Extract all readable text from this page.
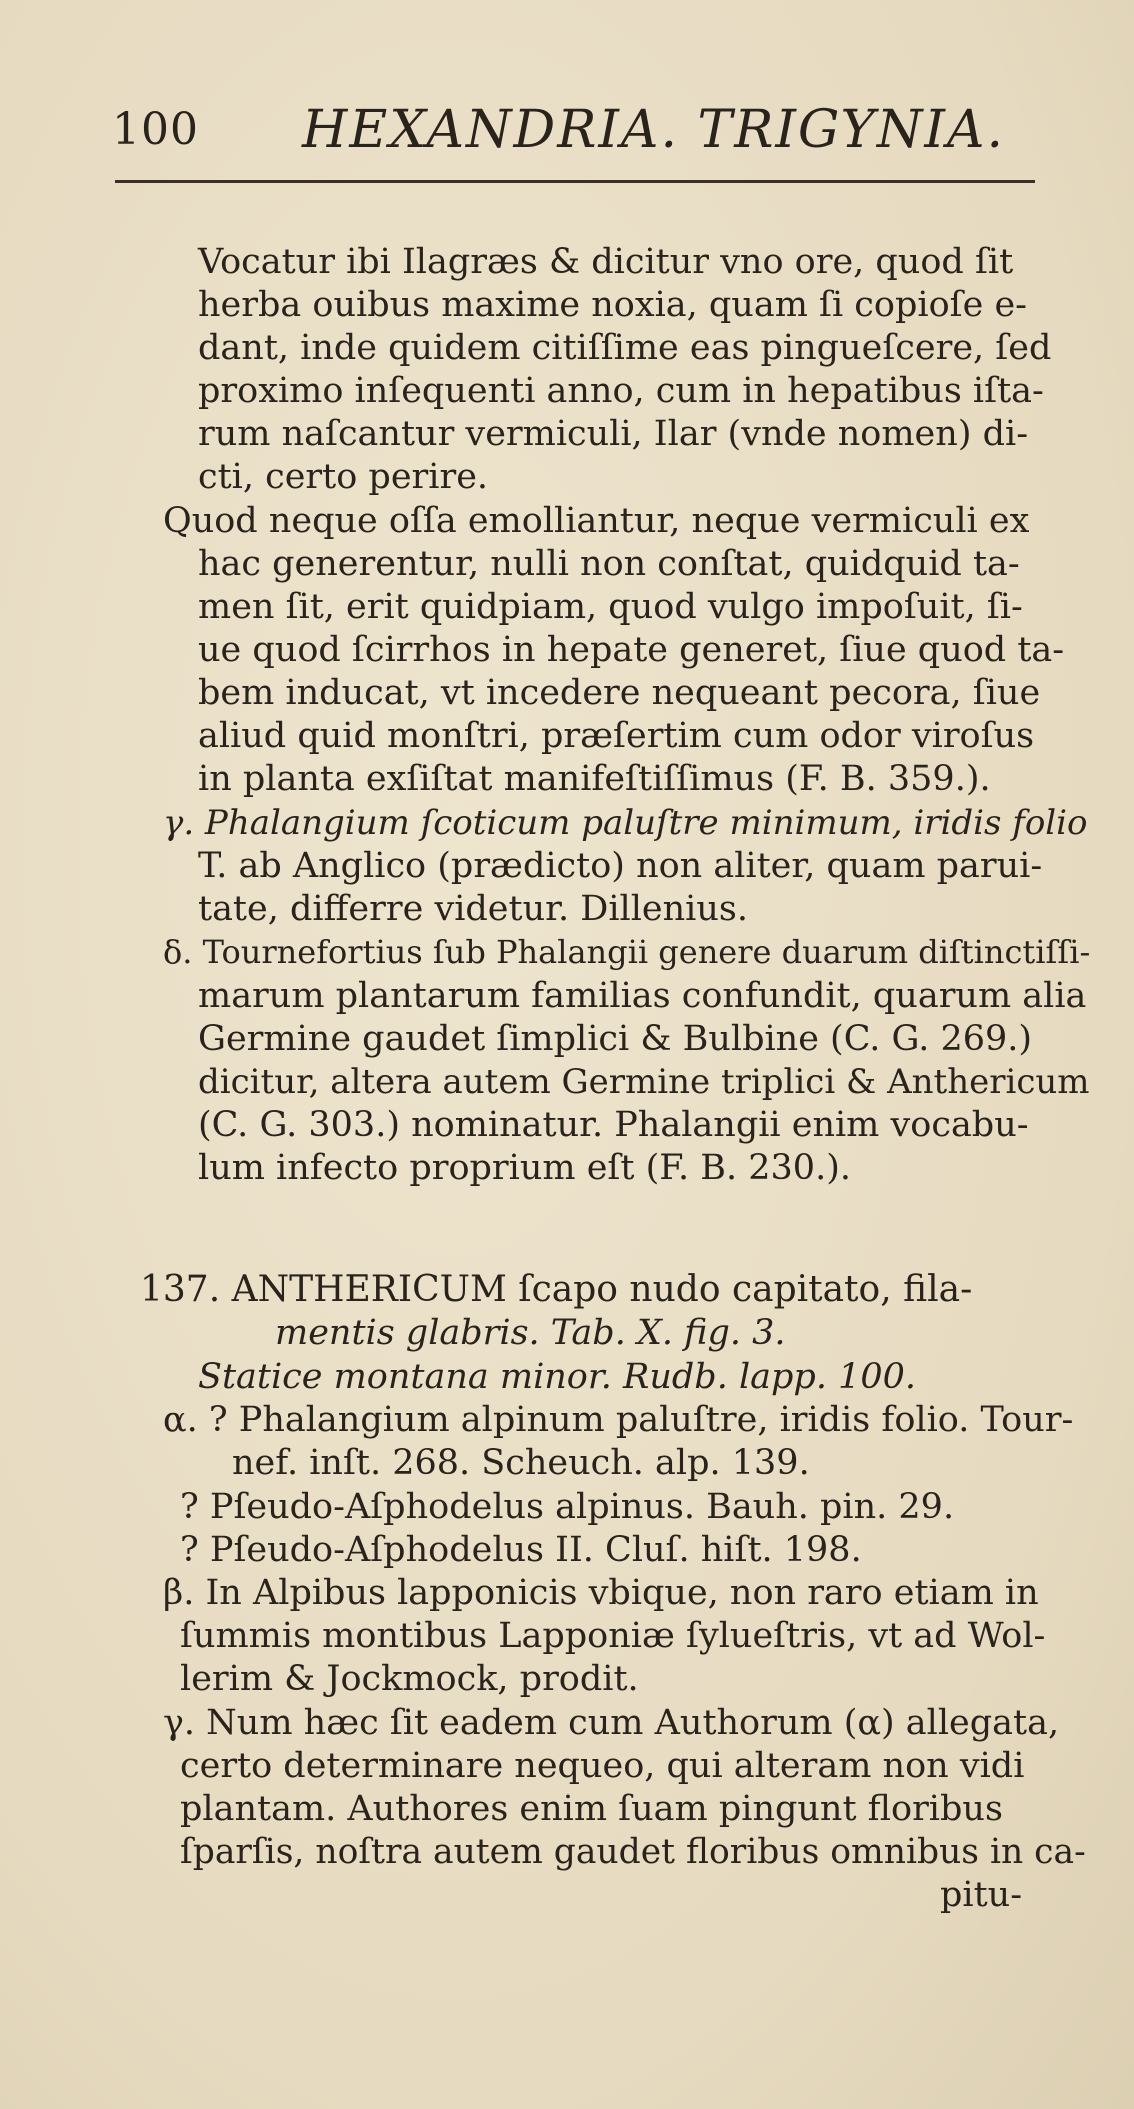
100 HEXANDRIA. TRIGYNIA.
Vocatur ibi Ilagræs & dicitur vno ore, quod ſit
herba ouibus maxime noxia, quam ſi copioſe e-
dant, inde quidem citiſſime eas pingueſcere, ſed
proximo inſequenti anno, cum in hepatibus iſta-
rum naſcantur vermiculi, Ilar (vnde nomen) di-
cti, certo perire.
Quod neque oſſa emolliantur, neque vermiculi ex
hac generentur, nulli non conſtat, quidquid ta-
men ſit, erit quidpiam, quod vulgo impoſuit, ſi-
ue quod ſcirrhos in hepate generet, ſiue quod ta-
bem inducat, vt incedere nequeant pecora, ſiue
aliud quid monſtri, præſertim cum odor viroſus
in planta exſiſtat manifeſtiſſimus (F. B. 359.).
γ. Phalangium ſcoticum paluſtre minimum, iridis folio
T. ab Anglico (prædicto) non aliter, quam parui-
tate, differre videtur. Dillenius.
δ. Tournefortius ſub Phalangii genere duarum diſtinctiſſi-
marum plantarum familias confundit, quarum alia
Germine gaudet ſimplici & Bulbine (C. G. 269.)
dicitur, altera autem Germine triplici & Anthericum
(C. G. 303.) nominatur. Phalangii enim vocabu-
lum infecto proprium eſt (F. B. 230.).
137. ANTHERICUM ſcapo nudo capitato, fila-
mentis glabris. Tab. X. fig. 3.
Statice montana minor. Rudb. lapp. 100.
α. ? Phalangium alpinum paluſtre, iridis folio. Tour-
nef. inſt. 268. Scheuch. alp. 139.
? Pſeudo-Aſphodelus alpinus. Bauh. pin. 29.
? Pſeudo-Aſphodelus II. Cluſ. hiſt. 198.
β. In Alpibus lapponicis vbique, non raro etiam in
ſummis montibus Lapponiæ ſylueſtris, vt ad Wol-
lerim & Jockmock, prodit.
γ. Num hæc ſit eadem cum Authorum (α) allegata,
certo determinare nequeo, qui alteram non vidi
plantam. Authores enim ſuam pingunt floribus
ſparſis, noſtra autem gaudet floribus omnibus in ca-
pitu-
